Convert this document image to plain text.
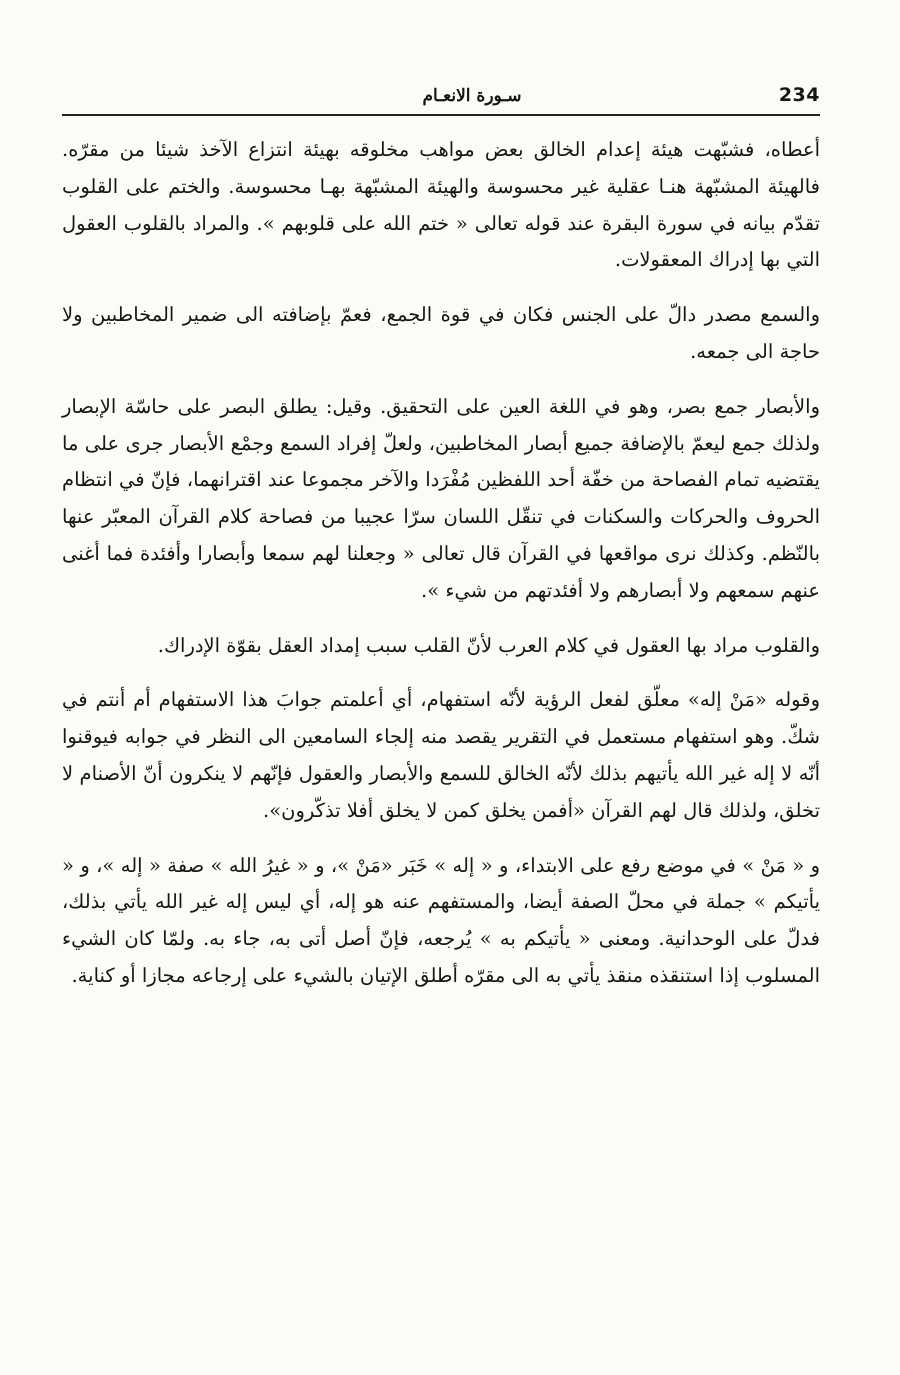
سـورة الانعـام	234

أعطاه، فشبّهت هيئة إعدام الخالق بعض مواهب مخلوقه بهيئة انتزاع الآخذ شيئا من مقرّه. فالهيئة المشبّهة هنـا عقلية غير محسوسة والهيئة المشبّهة بهـا محسوسة. والختم على القلوب تقدّم بيانه في سورة البقرة عند قوله تعالى « ختم الله على قلوبهم ». والمراد بالقلوب العقول التي بها إدراك المعقولات.

والسمع مصدر دالّ على الجنس فكان في قوة الجمع، فعمّ بإضافته الى ضمير المخاطبين ولا حاجة الى جمعه.

والأبصار جمع بصر، وهو في اللغة العين على التحقيق. وقيل: يطلق البصر على حاسّة الإبصار ولذلك جمع ليعمّ بالإضافة جميع أبصار المخاطبين، ولعلّ إفراد السمع وجمْع الأبصار جرى على ما يقتضيه تمام الفصاحة من خفّة أحد اللفظين مُفْرَدا والآخر مجموعا عند اقترانهما، فإنّ في انتظام الحروف والحركات والسكنات في تنقّل اللسان سرّا عجيبا من فصاحة كلام القرآن المعبّر عنها بالنّظم. وكذلك نرى مواقعها في القرآن قال تعالى « وجعلنا لهم سمعا وأبصارا وأفئدة فما أغنى عنهم سمعهم ولا أبصارهم ولا أفئدتهم من شيء ».

والقلوب مراد بها العقول في كلام العرب لأنّ القلب سبب إمداد العقل بقوّة الإدراك.

وقوله «مَنْ إله» معلّق لفعل الرؤية لأنّه استفهام، أي أعلمتم جوابَ هذا الاستفهام أم أنتم في شكّ. وهو استفهام مستعمل في التقرير يقصد منه إلجاء السامعين الى النظر في جوابه فيوقنوا أنّه لا إله غير الله يأتيهم بذلك لأنّه الخالق للسمع والأبصار والعقول فإنّهم لا ينكرون أنّ الأصنام لا تخلق، ولذلك قال لهم القرآن «أفمن يخلق كمن لا يخلق أفلا تذكّرون».

و « مَنْ » في موضع رفع على الابتداء، و « إله » خَبَر «مَنْ »، و « غيرُ الله » صفة « إله »، و « يأتيكم » جملة في محلّ الصفة أيضا، والمستفهم عنه هو إله، أي ليس إله غير الله يأتي بذلك، فدلّ على الوحدانية. ومعنى « يأتيكم به » يُرجعه، فإنّ أصل أتى به، جاء به. ولمّا كان الشيء المسلوب إذا استنقذه منقذ يأتي به الى مقرّه أطلق الإتيان بالشيء على إرجاعه مجازا أو كناية.
